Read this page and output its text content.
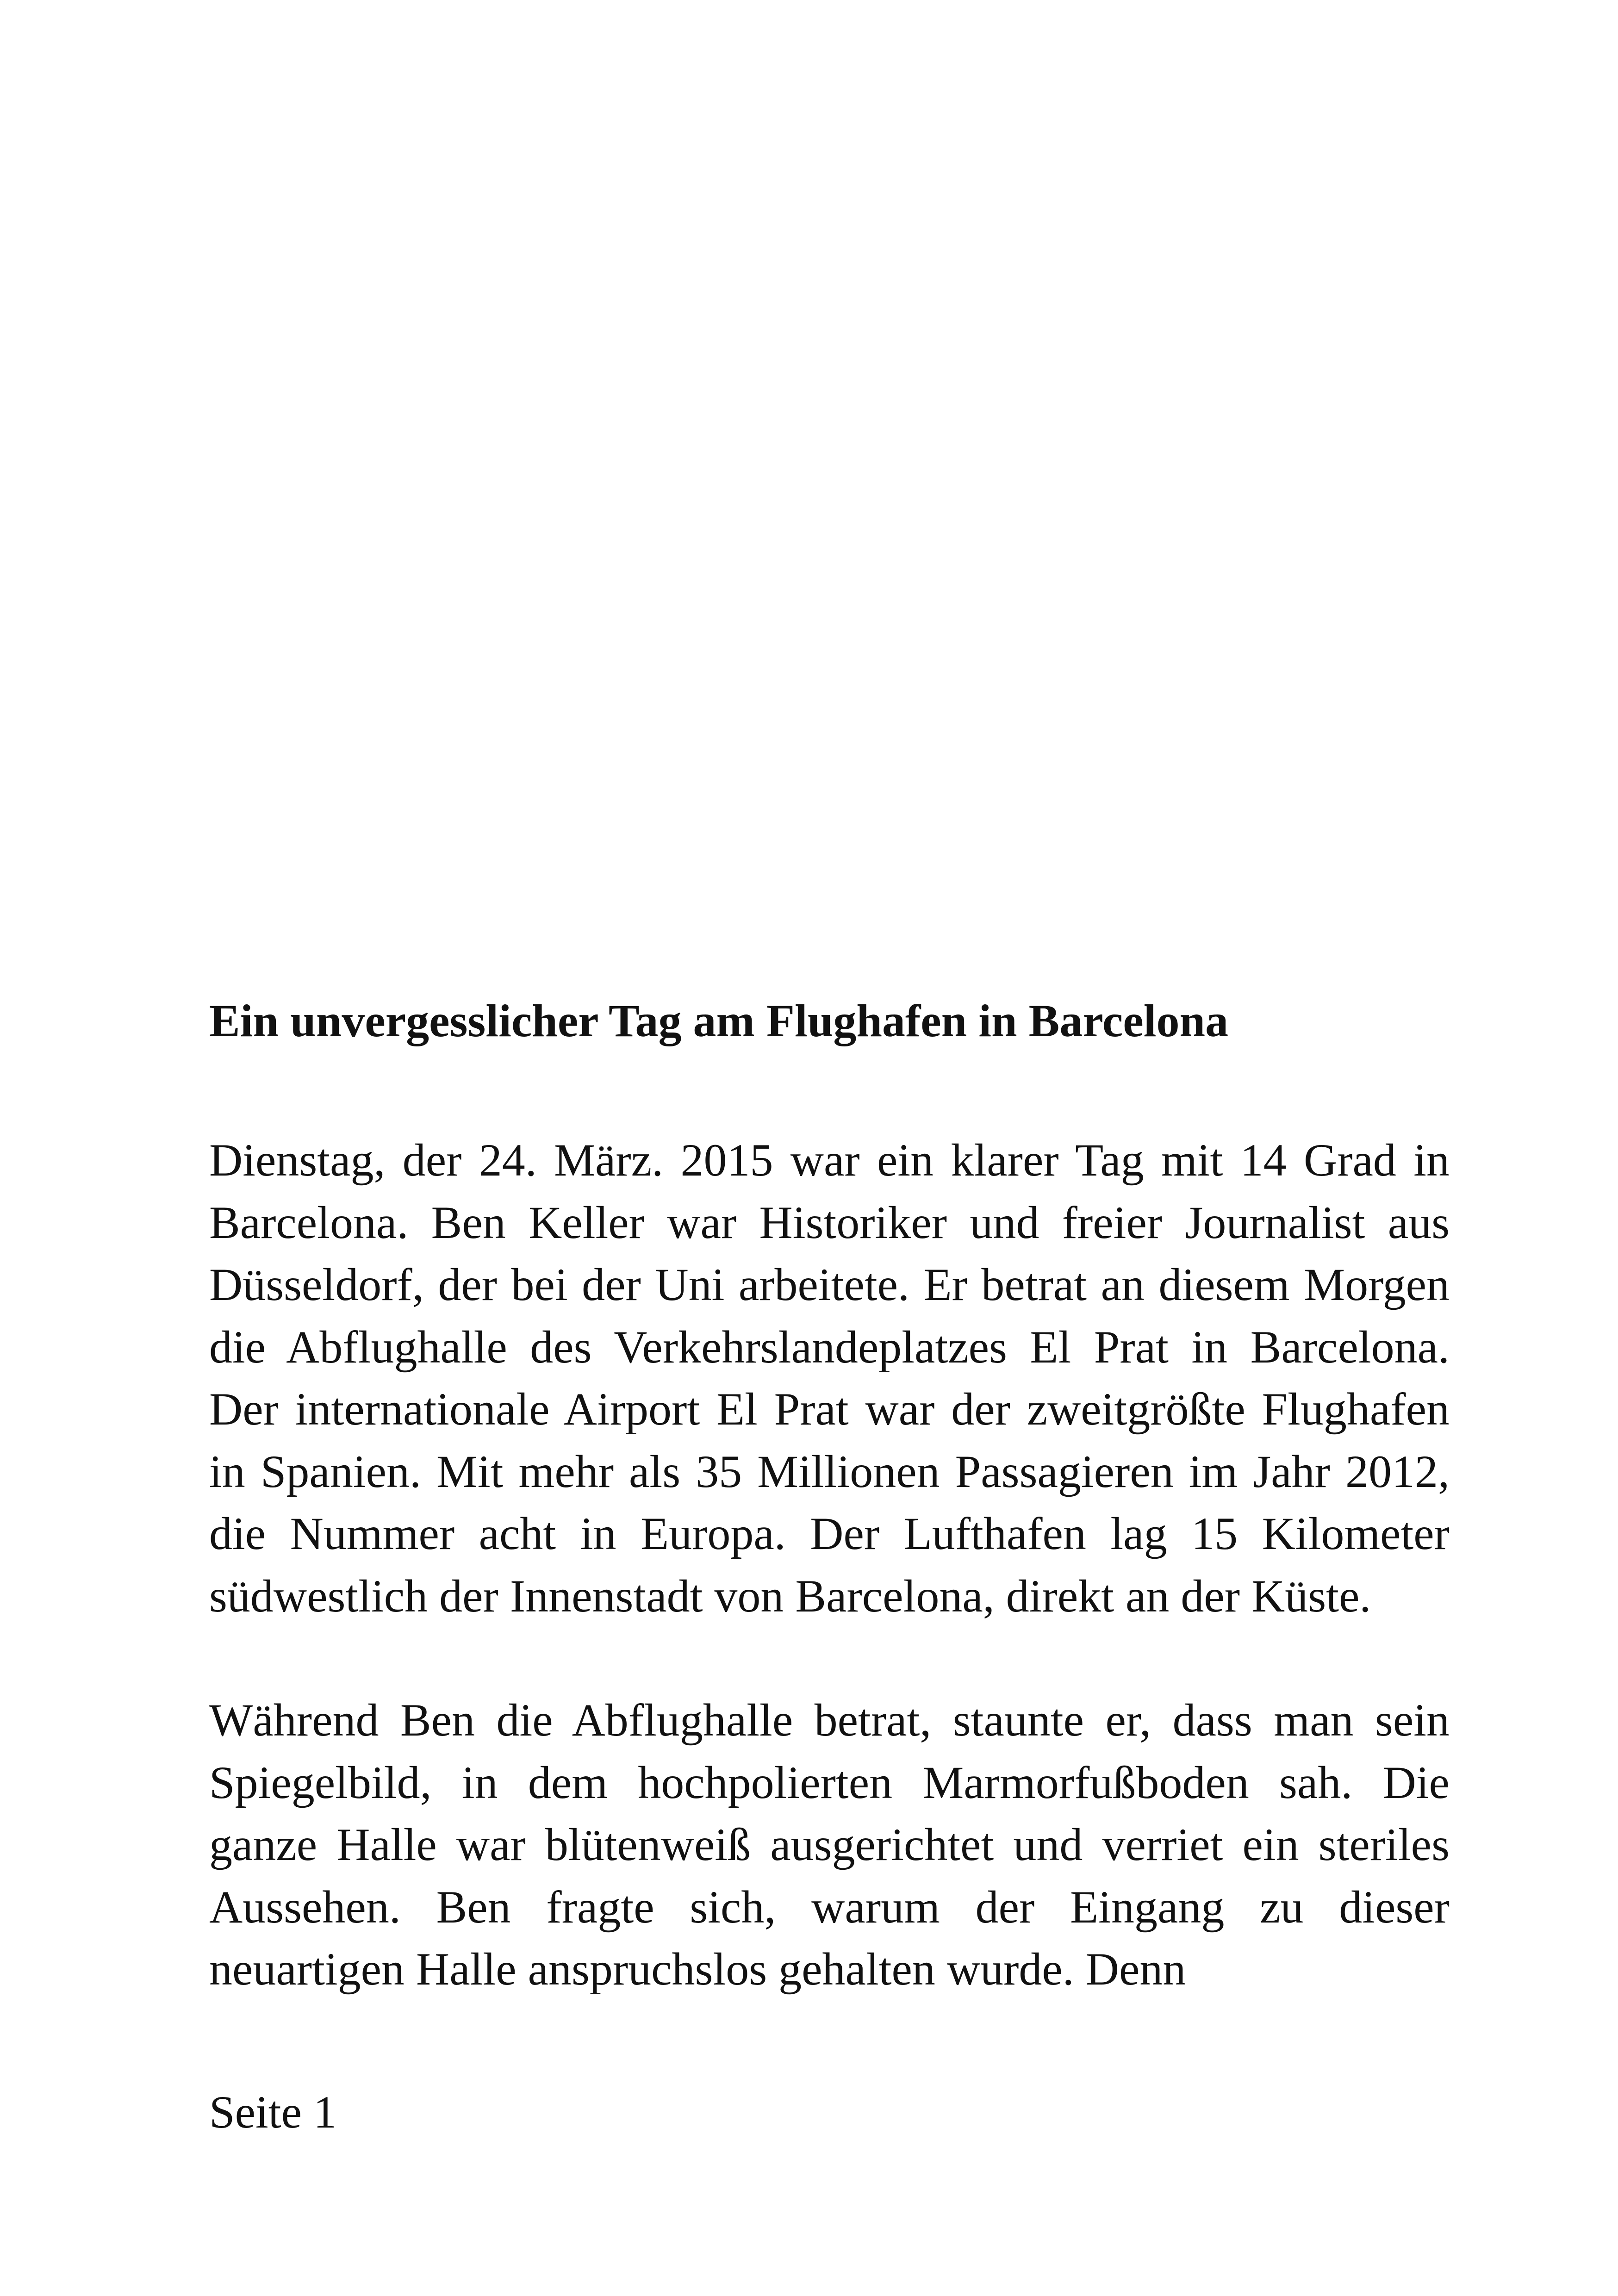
Ein unvergesslicher Tag am Flughafen in Barcelona

Dienstag, der 24. März. 2015 war ein klarer Tag mit 14 Grad in Barcelona. Ben Keller war Historiker und freier Journalist aus Düsseldorf, der bei der Uni arbeitete. Er betrat an diesem Morgen die Abflughalle des Verkehrslandeplatzes El Prat in Barcelona. Der internationale Airport El Prat war der zweitgrößte Flughafen in Spanien. Mit mehr als 35 Millionen Passagieren im Jahr 2012, die Nummer acht in Europa. Der Lufthafen lag 15 Kilometer südwestlich der Innenstadt von Barcelona, direkt an der Küste.

Während Ben die Abflughalle betrat, staunte er, dass man sein Spiegelbild, in dem hochpolierten Marmorfußboden sah. Die ganze Halle war blütenweiß ausgerichtet und verriet ein steriles Aussehen. Ben fragte sich, warum der Eingang zu dieser neuartigen Halle anspruchslos gehalten wurde. Denn

Seite 1
